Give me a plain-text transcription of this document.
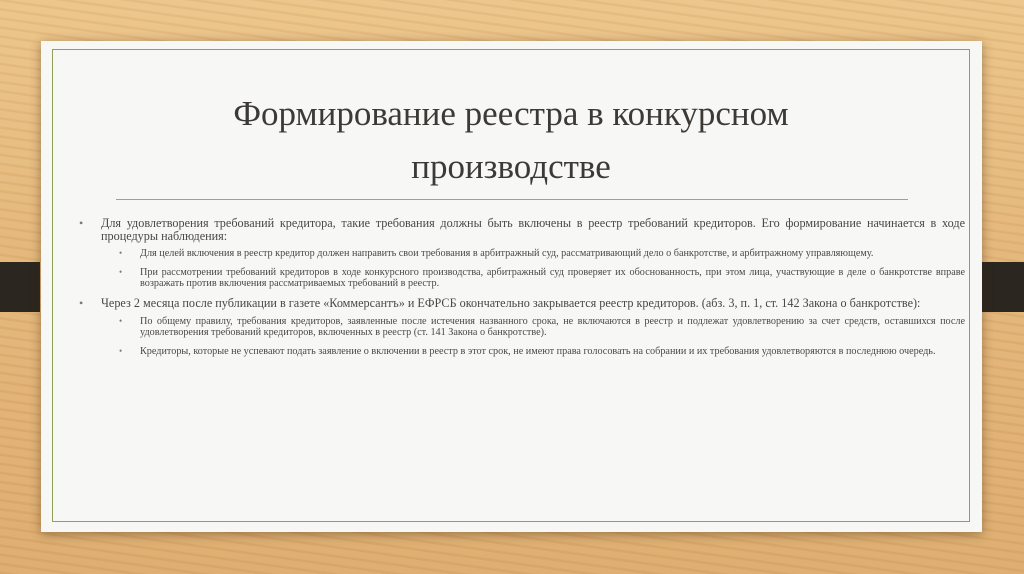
Формирование реестра в конкурсном
производстве
• Для удовлетворения требований кредитора, такие требования должны быть включены в реестр требований кредиторов. Его формирование начинается в ходе процедуры наблюдения:
• Для целей включения в реестр кредитор должен направить свои требования в арбитражный суд, рассматривающий дело о банкротстве, и арбитражному управляющему.
• При рассмотрении требований кредиторов в ходе конкурсного производства, арбитражный суд проверяет их обоснованность, при этом лица, участвующие в деле о банкротстве вправе возражать против включения рассматриваемых требований в реестр.
• Через 2 месяца после публикации в газете «Коммерсантъ» и ЕФРСБ окончательно закрывается реестр кредиторов. (абз. 3, п. 1, ст. 142 Закона о банкротстве):
• По общему правилу, требования кредиторов, заявленные после истечения названного срока, не включаются в реестр и подлежат удовлетворению за счет средств, оставшихся после удовлетворения требований кредиторов, включенных в реестр (ст. 141 Закона о банкротстве).
• Кредиторы, которые не успевают подать заявление о включении в реестр в этот срок, не имеют права голосовать на собрании и их требования удовлетворяются в последнюю очередь.
